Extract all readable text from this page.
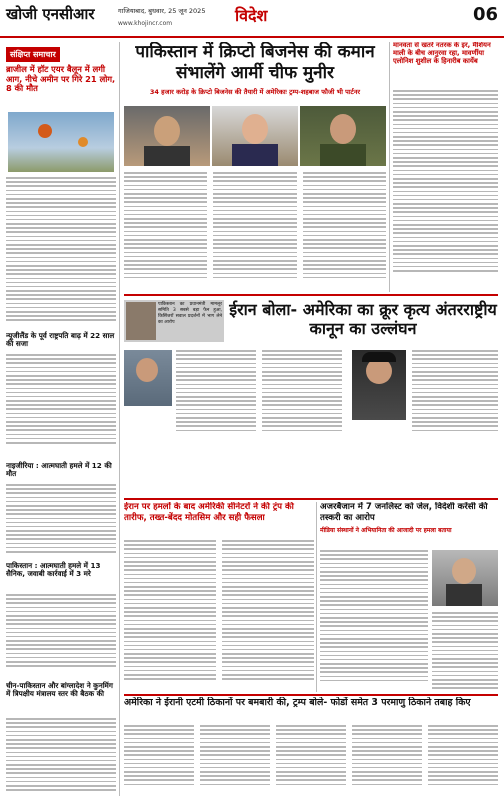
खोजी एनसीआर	गाजियाबाद, बुधवार, 25 जून 2025
www.khojincr.com	विदेश	06
संक्षिप्त समाचार
ब्राजील में हॉट एयर बैलून में लगी आग, नीचे अमीन पर गिरे 21 लोग, 8 की मौत
न्यूजीलैंड के पूर्व राष्ट्रपति बाढ़ में 22 साल की सजा
नाइजीरिया : आत्मघाती हमले में 12 की मौत
पाकिस्तान : आत्मघाती हमले में 13 सैनिक, जवाबी कार्रवाई में 3 मरे
चीन-पाकिस्तान और बांग्लादेश ने कुनमिंग में त्रिपक्षीय मंत्रालय स्तर की बैठक की
पाकिस्तान में क्रिप्टो बिजनेस की कमान संभालेंगे आर्मी चीफ मुनीर
34 हजार करोड़ के क्रिप्टो बिजनेस की तैयारी में अमेरिकाः ट्रम्प-शहबाज फौजी भी पार्टनर
मानवता से खतरे नतरक के इर, मैशियन माली के बीच आनुरवा रहा, मावर्णीया एलोनिश शुशील के हिनारीब कार्येब
पाकिस्तान का प्रधानमंत्री मामलूर समिति 3 सबसे बड़ा फैन हुआ, किसिंजरों सवाल प्रदर्शनों में भाग लेने का आरोप
ईरान बोला- अमेरिका का क्रूर कृत्य अंतरराष्ट्रीय कानून का उल्लंघन
ईरान पर हमलों के बाद अमेरिकी सीनेटरों ने की ट्रंप की तारीफ, तख्त-बेंदद मोतसिम और सही फैसला
अजरबैजान में 7 जनलिस्ट को जेल, विदेशी करेंसी की तस्करी का आरोप
मीडिया संस्थानों ने अभियानिता की आजादी पर हमला बताया
अमेरिका ने ईरानी एटमी ठिकानों पर बमबारी की, ट्रम्प बोले- फोर्डो समेत 3 परमाणु ठिकाने तबाह किए
